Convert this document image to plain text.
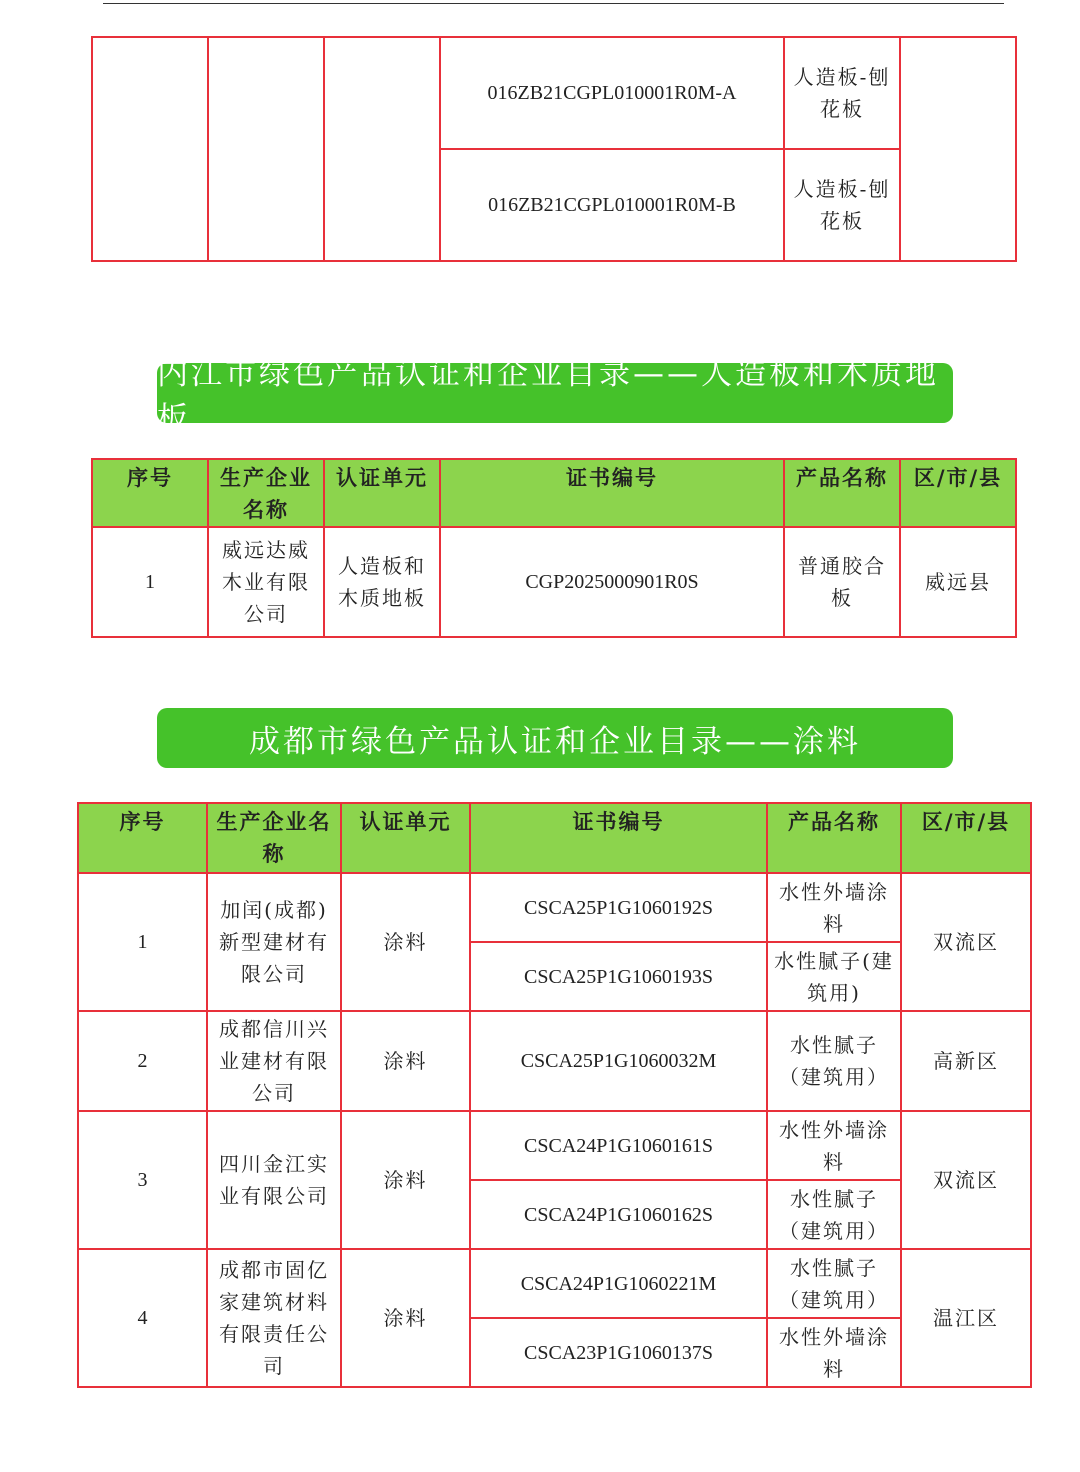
			016ZB21CGPL010001R0M-A	人造板-刨花板	
			016ZB21CGPL010001R0M-B	人造板-刨花板	
内江市绿色产品认证和企业目录——人造板和木质地板
序号	生产企业名称	认证单元	证书编号	产品名称	区/市/县
1	威远达威木业有限公司	人造板和木质地板	CGP2025000901R0S	普通胶合板	威远县
成都市绿色产品认证和企业目录——涂料
序号	生产企业名称	认证单元	证书编号	产品名称	区/市/县
1	加闰(成都)新型建材有限公司	涂料	CSCA25P1G1060192S	水性外墙涂料	双流区
			CSCA25P1G1060193S	水性腻子(建筑用)	
2	成都信川兴业建材有限公司	涂料	CSCA25P1G1060032M	水性腻子（建筑用）	高新区
3	四川金江实业有限公司	涂料	CSCA24P1G1060161S	水性外墙涂料	双流区
			CSCA24P1G1060162S	水性腻子（建筑用）	
4	成都市固亿家建筑材料有限责任公司	涂料	CSCA24P1G1060221M	水性腻子（建筑用）	温江区
			CSCA23P1G1060137S	水性外墙涂料	
